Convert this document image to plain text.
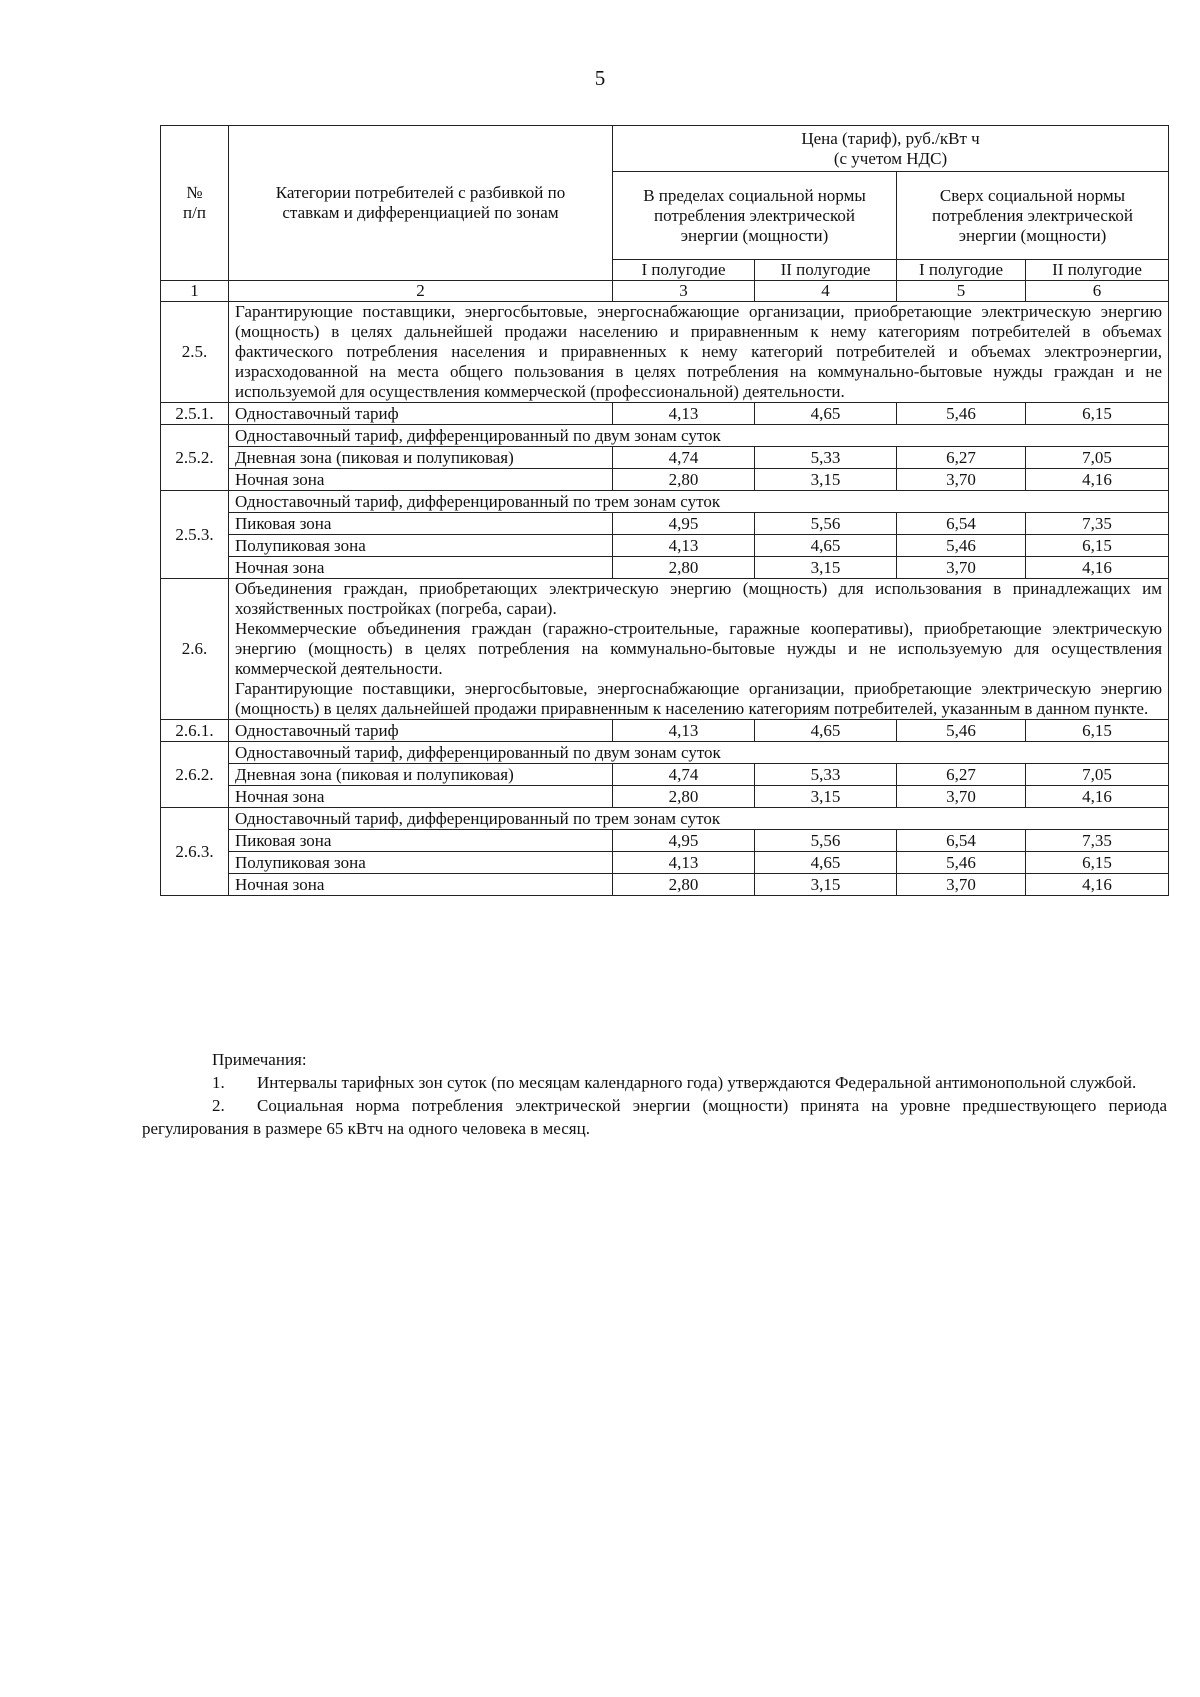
5
№
п/п	Категории потребителей с разбивкой по ставкам и дифференциацией по зонам	Цена (тариф), руб./кВт ч
(с учетом НДС)			
		В пределах социальной нормы потребления электрической энергии (мощности)		Сверх социальной нормы потребления электрической энергии (мощности)	
		I полугодие	II полугодие	I полугодие	II полугодие
1	2	3	4	5	6
2.5.	Гарантирующие поставщики, энергосбытовые, энергоснабжающие организации, приобретающие электрическую энергию (мощность) в целях дальнейшей продажи населению и приравненным к нему категориям потребителей в объемах фактического потребления населения и приравненных к нему категорий потребителей и объемах электроэнергии, израсходованной на места общего пользования в целях потребления на коммунально-бытовые нужды граждан и не используемой для осуществления коммерческой (профессиональной) деятельности.				
2.5.1.	Одноставочный тариф	4,13	4,65	5,46	6,15
2.5.2.	Одноставочный тариф, дифференцированный по двум зонам суток				
	Дневная зона (пиковая и полупиковая)	4,74	5,33	6,27	7,05
	Ночная зона	2,80	3,15	3,70	4,16
2.5.3.	Одноставочный тариф, дифференцированный по трем зонам суток				
	Пиковая зона	4,95	5,56	6,54	7,35
	Полупиковая зона	4,13	4,65	5,46	6,15
	Ночная зона	2,80	3,15	3,70	4,16
2.6.	Объединения граждан, приобретающих электрическую энергию (мощность) для использования в принадлежащих им хозяйственных постройках (погреба, сараи).
Некоммерческие объединения граждан (гаражно-строительные, гаражные кооперативы), приобретающие электрическую энергию (мощность) в целях потребления на коммунально-бытовые нужды и не используемую для осуществления коммерческой деятельности.
Гарантирующие поставщики, энергосбытовые, энергоснабжающие организации, приобретающие электрическую энергию (мощность) в целях дальнейшей продажи приравненным к населению категориям потребителей, указанным в данном пункте.				

2.6.1.	Одноставочный тариф	4,13	4,65	5,46	6,15
2.6.2.	Одноставочный тариф, дифференцированный по двум зонам суток				
	Дневная зона (пиковая и полупиковая)	4,74	5,33	6,27	7,05
	Ночная зона	2,80	3,15	3,70	4,16
2.6.3.	Одноставочный тариф, дифференцированный по трем зонам суток				
	Пиковая зона	4,95	5,56	6,54	7,35
	Полупиковая зона	4,13	4,65	5,46	6,15
	Ночная зона	2,80	3,15	3,70	4,16
Примечания:
1. Интервалы тарифных зон суток (по месяцам календарного года) утверждаются Федеральной антимонопольной службой.
2. Социальная норма потребления электрической энергии (мощности) принята на уровне предшествующего периода регулирования в размере 65 кВтч на одного человека в месяц.
